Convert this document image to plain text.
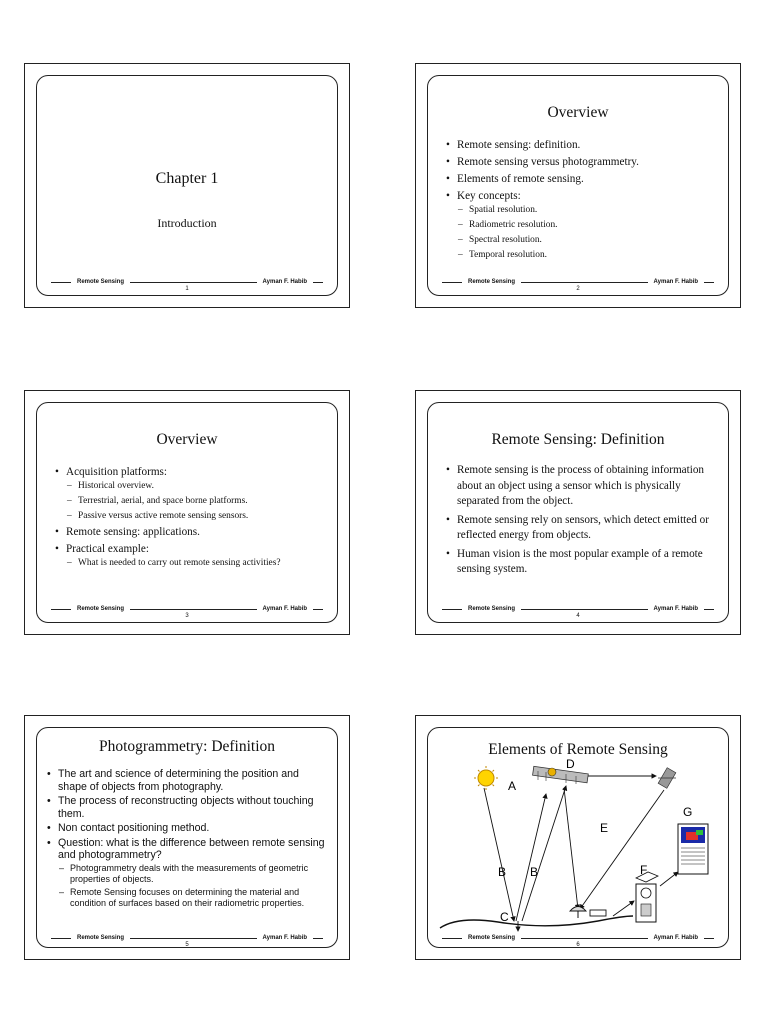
Chapter 1
Introduction
Remote Sensing	Ayman F. Habib
1
Overview
• Remote sensing: definition.
• Remote sensing versus photogrammetry.
• Elements of remote sensing.
• Key concepts:
– Spatial resolution.
– Radiometric resolution.
– Spectral resolution.
– Temporal resolution.
Remote Sensing	Ayman F. Habib
2
Overview
• Acquisition platforms:
– Historical overview.
– Terrestrial, aerial, and space borne platforms.
– Passive versus active remote sensing sensors.
• Remote sensing: applications.
• Practical example:
– What is needed to carry out remote sensing activities?
Remote Sensing	Ayman F. Habib
3
Remote Sensing: Definition
• Remote sensing is the process of obtaining information about an object using a sensor which is physically separated from the object.
• Remote sensing rely on sensors, which detect emitted or reflected energy from objects.
• Human vision is the most popular example of a remote sensing system.
Remote Sensing	Ayman F. Habib
4
Photogrammetry: Definition
• The art and science of determining the position and shape of objects from photography.
• The process of reconstructing objects without touching them.
• Non contact positioning method.
• Question: what is the difference between remote sensing and photogrammetry?
– Photogrammetry deals with the measurements of geometric properties of objects.
– Remote Sensing focuses on determining the material and condition of surfaces based on their radiometric properties.
Remote Sensing	Ayman F. Habib
5
Elements of Remote Sensing
A
B B
C
D
E
F
G
Remote Sensing	Ayman F. Habib
6
